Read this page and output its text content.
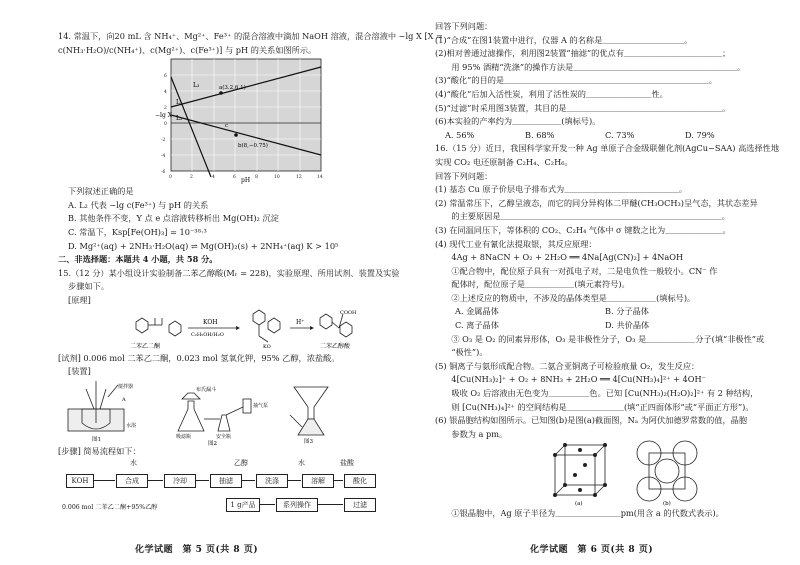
14. 常温下，向20 mL 含 NH₄⁺、Mg²⁺、Fe³⁺ 的混合溶液中滴加 NaOH 溶液，混合溶液中 −lg X [X =
c(NH₃·H₂O)/c(NH₄⁺)、c(Mg²⁺)、c(Fe³⁺)] 与 pH 的关系如图所示。
a(3.2,6.1)
b(8,−0.75)
L₁
L₂
L₃
c
−lg X
pH
0	2	4	6	8	10	12	14
-6
-4
-2
0
2
4
6
下列叙述正确的是
A. L₂ 代表 −lg c(Fe³⁺) 与 pH 的关系
B. 其他条件不变，Y 点 e 点溶液转移析出 Mg(OH)₂ 沉淀
C. 常温下，Ksp[Fe(OH)₃] = 10⁻³⁸·³
D. Mg²⁺(aq) + 2NH₃·H₂O(aq) ⇌ Mg(OH)₂(s) + 2NH₄⁺(aq) K > 10⁵
二、非选择题：本题共 4 小题，共 58 分。
15.（12 分）某小组设计实验制备二苯乙醇酸(Mᵣ = 228)，实验原理、所用试剂、装置及实验
步骤如下。
[原理]
二苯乙二酮
KOH
C₂H₅OH/H₂O
KO
H⁺
COOH
二苯乙醇酸
[试剂] 0.006 mol 二苯乙二酮，0.023 mol 氢氧化钾，95% 乙醇，浓盐酸。
[装置]
搅拌器
A
水浴
图1
布氏漏斗
吸滤瓶	安全瓶
抽气泵
图2	图3
[步骤] 简易流程如下：
水	乙醇	水	盐酸
KOH	合成	冷却	抽滤	洗涤	溶解	酸化
0.006 mol 二苯乙二酮+95%乙醇	1 g产品	系列操作	过滤
化学试题　第 5 页(共 8 页)
回答下列问题：
(1)“合成”在图1装置中进行，仪器 A 的名称是＿＿＿＿＿＿＿＿＿＿。
(2)相对普通过滤操作，利用图2装置“抽滤”的优点有＿＿＿＿＿＿＿＿＿＿＿＿；
　　用 95% 酒精“洗涤”的操作方法是＿＿＿＿＿＿＿＿＿＿＿＿＿＿＿＿＿＿＿＿。
(3)“酸化”的目的是＿＿＿＿＿＿＿＿＿＿＿＿＿＿＿＿＿＿＿＿＿＿＿＿＿。
(4)“酸化”后加入活性炭，利用了活性炭的＿＿＿＿＿＿＿＿性。
(5)“过滤”时采用图3装置，其目的是＿＿＿＿＿＿＿＿＿＿＿＿＿＿＿＿＿＿＿。
(6)本实验的产率约为＿＿＿＿＿＿(填标号)。
A. 56%	B. 68%	C. 73%	D. 79%
16.（15 分）近日，我国科学家开发一种 Ag 单原子合金级联催化剂(AgCu−SAA) 高选择性地
实现 CO₂ 电还原制备 C₂H₄、C₂H₆。
回答下列问题：
(1) 基态 Cu 原子价层电子排布式为＿＿＿＿＿＿＿＿＿＿＿＿＿＿。
(2) 常温常压下，乙醇呈液态，而它的同分异构体二甲醚(CH₃OCH₃)呈气态，其状态差异
　　的主要原因是＿＿＿＿＿＿＿＿＿＿＿＿＿＿＿＿＿＿＿＿＿＿＿＿＿＿＿。
(3) 在同温同压下，等体积的 CO₂、C₂H₄ 气体中 σ 键数之比为＿＿＿＿＿＿＿。
(4) 现代工业有氰化法提取银，其反应原理：
　　4Ag + 8NaCN + O₂ + 2H₂O ══ 4Na[Ag(CN)₂] + 4NaOH
　　①配合物中，配位原子具有一对孤电子对，二是电负性一般较小。CN⁻ 作
　　配体时，配位原子是＿＿＿＿＿＿(填元素符号)。
　　②上述反应的物质中，不涉及的晶体类型是＿＿＿＿＿＿(填标号)。
A. 金属晶体	B. 分子晶体
C. 离子晶体	D. 共价晶体
　　③ O₃ 是 O₂ 的同素异形体，O₃ 是非极性分子，O₃ 是＿＿＿＿＿＿分子(填“非极性”或
　　“极性”)。
(5) 铜离子与氨形成配合物。二氨合亚铜离子可检验痕量 O₂，发生反应：
　　4[Cu(NH₃)₂]⁺ + O₂ + 8NH₃ + 2H₂O ══ 4[Cu(NH₃)₄]²⁺ + 4OH⁻
　　吸收 O₂ 后溶液由无色变为＿＿＿＿＿色。已知 [Cu(NH₃)₂(H₂O)₂]²⁺ 有 2 种结构，
　　则 [Cu(NH₃)₄]²⁺ 的空间结构是＿＿＿＿＿＿＿(填“正四面体形”或“平面正方形”)。
(6) 银晶胞结构如图所示。已知图(b)是图(a)截面图，Nₐ 为阿伏加德罗常数的值，晶胞
　　参数为 a pm。
(a)	(b)
　　①银晶胞中，Ag 原子半径为＿＿＿＿＿＿＿＿pm(用含 a 的代数式表示)。
化学试题　第 6 页(共 8 页)
